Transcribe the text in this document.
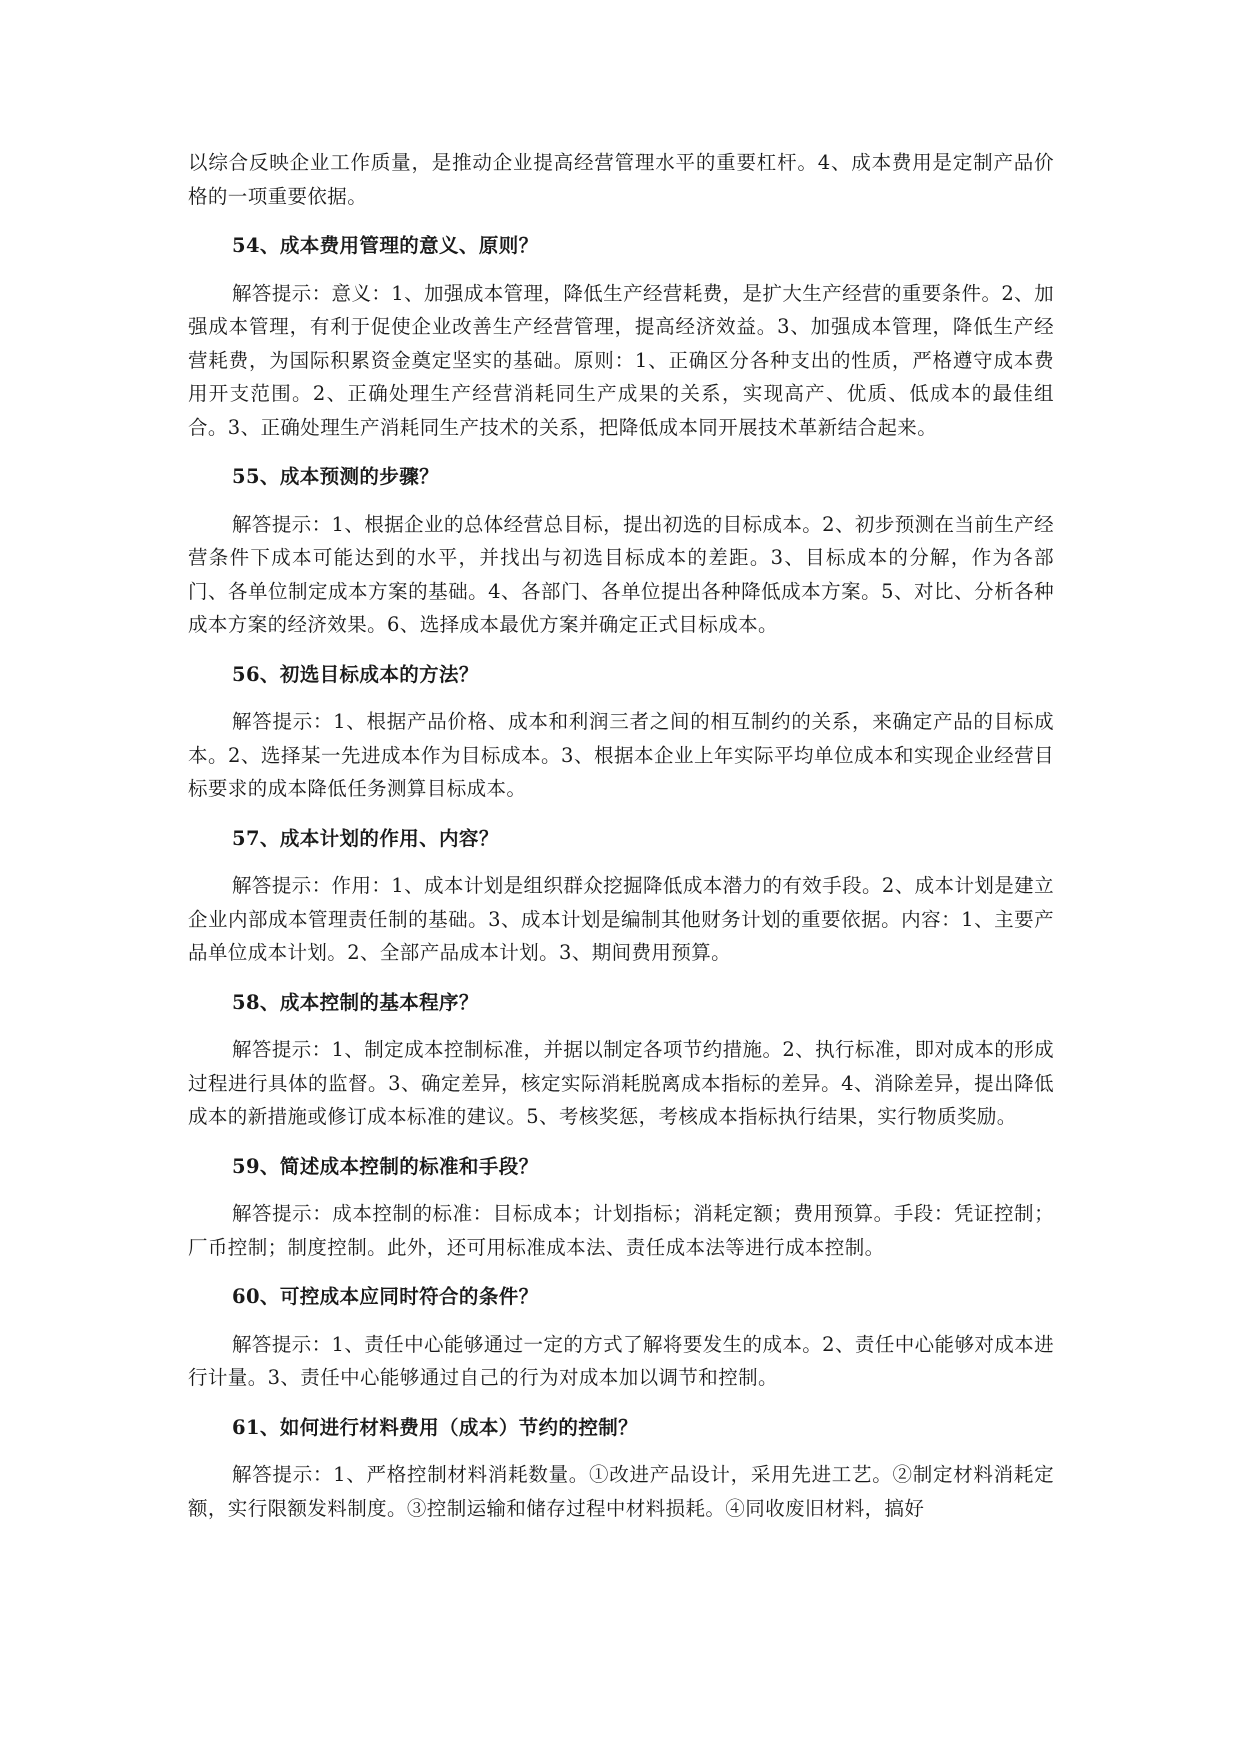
以综合反映企业工作质量，是推动企业提高经营管理水平的重要杠杆。4、成本费用是定制产品价格的一项重要依据。

54、成本费用管理的意义、原则？

解答提示：意义：1、加强成本管理，降低生产经营耗费，是扩大生产经营的重要条件。2、加强成本管理，有利于促使企业改善生产经营管理，提高经济效益。3、加强成本管理，降低生产经营耗费，为国际积累资金奠定坚实的基础。原则：1、正确区分各种支出的性质，严格遵守成本费用开支范围。2、正确处理生产经营消耗同生产成果的关系，实现高产、优质、低成本的最佳组合。3、正确处理生产消耗同生产技术的关系，把降低成本同开展技术革新结合起来。

55、成本预测的步骤？

解答提示：1、根据企业的总体经营总目标，提出初选的目标成本。2、初步预测在当前生产经营条件下成本可能达到的水平，并找出与初选目标成本的差距。3、目标成本的分解，作为各部门、各单位制定成本方案的基础。4、各部门、各单位提出各种降低成本方案。5、对比、分析各种成本方案的经济效果。6、选择成本最优方案并确定正式目标成本。

56、初选目标成本的方法？

解答提示：1、根据产品价格、成本和利润三者之间的相互制约的关系，来确定产品的目标成本。2、选择某一先进成本作为目标成本。3、根据本企业上年实际平均单位成本和实现企业经营目标要求的成本降低任务测算目标成本。

57、成本计划的作用、内容？

解答提示：作用：1、成本计划是组织群众挖掘降低成本潜力的有效手段。2、成本计划是建立企业内部成本管理责任制的基础。3、成本计划是编制其他财务计划的重要依据。内容：1、主要产品单位成本计划。2、全部产品成本计划。3、期间费用预算。

58、成本控制的基本程序？

解答提示：1、制定成本控制标准，并据以制定各项节约措施。2、执行标准，即对成本的形成过程进行具体的监督。3、确定差异，核定实际消耗脱离成本指标的差异。4、消除差异，提出降低成本的新措施或修订成本标准的建议。5、考核奖惩，考核成本指标执行结果，实行物质奖励。

59、简述成本控制的标准和手段？

解答提示：成本控制的标准：目标成本；计划指标；消耗定额；费用预算。手段：凭证控制；厂币控制；制度控制。此外，还可用标准成本法、责任成本法等进行成本控制。

60、可控成本应同时符合的条件？

解答提示：1、责任中心能够通过一定的方式了解将要发生的成本。2、责任中心能够对成本进行计量。3、责任中心能够通过自己的行为对成本加以调节和控制。

61、如何进行材料费用（成本）节约的控制？

解答提示：1、严格控制材料消耗数量。①改进产品设计，采用先进工艺。②制定材料消耗定额，实行限额发料制度。③控制运输和储存过程中材料损耗。④同收废旧材料，搞好
